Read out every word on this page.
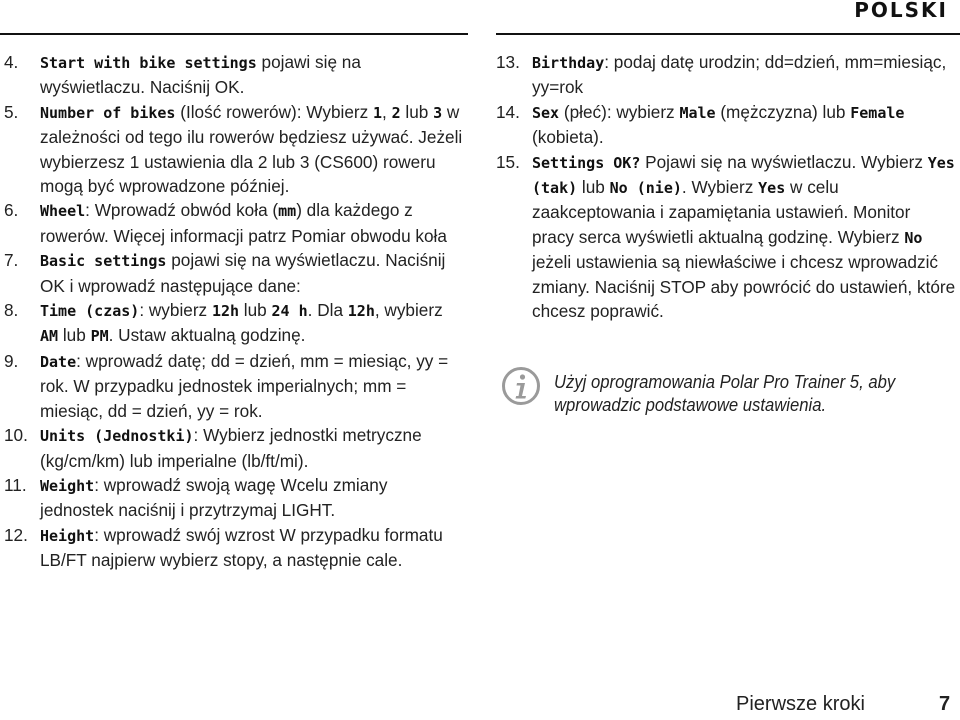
POLSKI
4. Start with bike settings pojawi się na wyświetlaczu. Naciśnij OK.
5. Number of bikes (Ilość rowerów): Wybierz 1, 2 lub 3 w zależności od tego ilu rowerów będziesz używać. Jeżeli wybierzesz 1 ustawienia dla 2 lub 3 (CS600) roweru mogą być wprowadzone później.
6. Wheel: Wprowadź obwód koła (mm) dla każdego z rowerów. Więcej informacji patrz Pomiar obwodu koła
7. Basic settings pojawi się na wyświetlaczu. Naciśnij OK i wprowadź następujące dane:
8. Time (czas): wybierz 12h lub 24 h. Dla 12h, wybierz AM lub PM. Ustaw aktualną godzinę.
9. Date: wprowadź datę; dd = dzień, mm = miesiąc, yy = rok. W przypadku jednostek imperialnych; mm = miesiąc, dd = dzień, yy = rok.
10. Units (Jednostki): Wybierz jednostki metryczne (kg/cm/km) lub imperialne (lb/ft/mi).
11. Weight: wprowadź swoją wagę Wcelu zmiany jednostek naciśnij i przytrzymaj LIGHT.
12. Height: wprowadź swój wzrost W przypadku formatu LB/FT najpierw wybierz stopy, a następnie cale.
13. Birthday: podaj datę urodzin; dd=dzień, mm=miesiąc, yy=rok
14. Sex (płeć): wybierz Male (mężczyzna) lub Female (kobieta).
15. Settings OK? Pojawi się na wyświetlaczu. Wybierz Yes (tak) lub No (nie). Wybierz Yes w celu zaakceptowania i zapamiętania ustawień. Monitor pracy serca wyświetli aktualną godzinę. Wybierz No jeżeli ustawienia są niewłaściwe i chcesz wprowadzić zmiany. Naciśnij STOP aby powrócić do ustawień, które chcesz poprawić.
Użyj oprogramowania Polar Pro Trainer 5, aby wprowadzic podstawowe ustawienia.
Pierwsze kroki	7
